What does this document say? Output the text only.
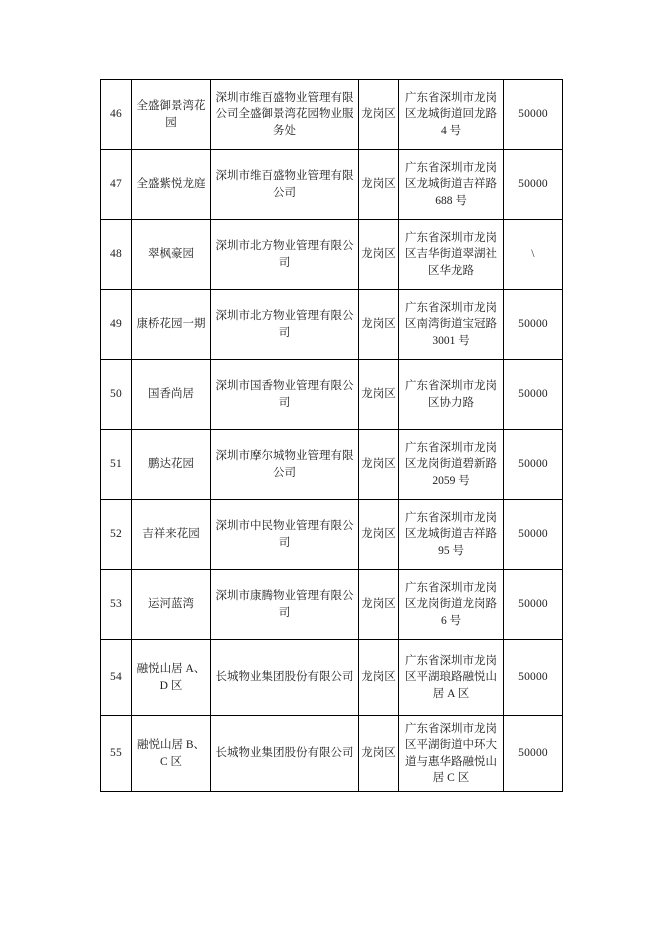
46	全盛御景湾花园	深圳市维百盛物业管理有限公司全盛御景湾花园物业服务处	龙岗区	广东省深圳市龙岗区龙城街道回龙路 4 号	50000
47	全盛紫悦龙庭	深圳市维百盛物业管理有限公司	龙岗区	广东省深圳市龙岗区龙城街道吉祥路 688 号	50000
48	翠枫豪园	深圳市北方物业管理有限公司	龙岗区	广东省深圳市龙岗区吉华街道翠湖社区华龙路	\
49	康桥花园一期	深圳市北方物业管理有限公司	龙岗区	广东省深圳市龙岗区南湾街道宝冠路 3001 号	50000
50	国香尚居	深圳市国香物业管理有限公司	龙岗区	广东省深圳市龙岗区协力路	50000
51	鹏达花园	深圳市摩尔城物业管理有限公司	龙岗区	广东省深圳市龙岗区龙岗街道碧新路 2059 号	50000
52	吉祥来花园	深圳市中民物业管理有限公司	龙岗区	广东省深圳市龙岗区龙城街道吉祥路 95 号	50000
53	运河蓝湾	深圳市康腾物业管理有限公司	龙岗区	广东省深圳市龙岗区龙岗街道龙岗路 6 号	50000
54	融悦山居 A、D 区	长城物业集团股份有限公司	龙岗区	广东省深圳市龙岗区平湖琅路融悦山居 A 区	50000
55	融悦山居 B、C 区	长城物业集团股份有限公司	龙岗区	广东省深圳市龙岗区平湖街道中环大道与惠华路融悦山居 C 区	50000
